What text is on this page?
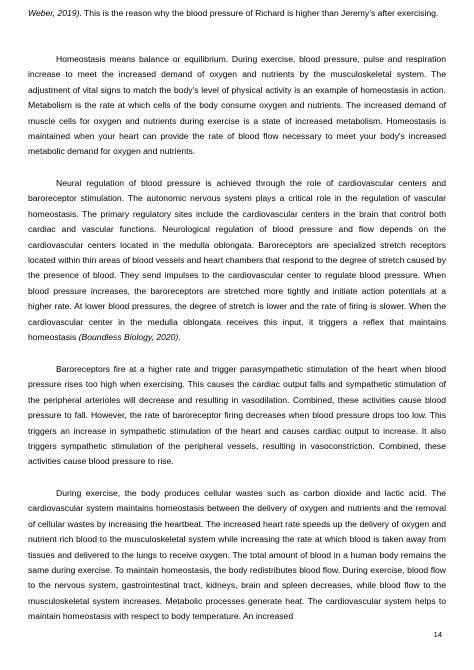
Weber, 2019). This is the reason why the blood pressure of Richard is higher than Jeremy’s after exercising.

Homeostasis means balance or equilibrium. During exercise, blood pressure, pulse and respiration increase to meet the increased demand of oxygen and nutrients by the musculoskeletal system. The adjustment of vital signs to match the body’s level of physical activity is an example of homeostasis in action. Metabolism is the rate at which cells of the body consume oxygen and nutrients. The increased demand of muscle cells for oxygen and nutrients during exercise is a state of increased metabolism. Homeostasis is maintained when your heart can provide the rate of blood flow necessary to meet your body's increased metabolic demand for oxygen and nutrients.

Neural regulation of blood pressure is achieved through the role of cardiovascular centers and baroreceptor stimulation. The autonomic nervous system plays a critical role in the regulation of vascular homeostasis. The primary regulatory sites include the cardiovascular centers in the brain that control both cardiac and vascular functions. Neurological regulation of blood pressure and flow depends on the cardiovascular centers located in the medulla oblongata. Baroreceptors are specialized stretch receptors located within thin areas of blood vessels and heart chambers that respond to the degree of stretch caused by the presence of blood. They send impulses to the cardiovascular center to regulate blood pressure. When blood pressure increases, the baroreceptors are stretched more tightly and initiate action potentials at a higher rate. At lower blood pressures, the degree of stretch is lower and the rate of firing is slower. When the cardiovascular center in the medulla oblongata receives this input, it triggers a reflex that maintains homeostasis (Boundless Biology, 2020).

Baroreceptors fire at a higher rate and trigger parasympathetic stimulation of the heart when blood pressure rises too high when exercising. This causes the cardiac output falls and sympathetic stimulation of the peripheral arterioles will decrease and resulting in vasodilation. Combined, these activities cause blood pressure to fall. However, the rate of baroreceptor firing decreases when blood pressure drops too low. This triggers an increase in sympathetic stimulation of the heart and causes cardiac output to increase. It also triggers sympathetic stimulation of the peripheral vessels, resulting in vasoconstriction. Combined, these activities cause blood pressure to rise.

During exercise, the body produces cellular wastes such as carbon dioxide and lactic acid. The cardiovascular system maintains homeostasis between the delivery of oxygen and nutrients and the removal of cellular wastes by increasing the heartbeat. The increased heart rate speeds up the delivery of oxygen and nutrient rich blood to the musculoskeletal system while increasing the rate at which blood is taken away from tissues and delivered to the lungs to receive oxygen. The total amount of blood in a human body remains the same during exercise. To maintain homeostasis, the body redistributes blood flow. During exercise, blood flow to the nervous system, gastrointestinal tract, kidneys, brain and spleen decreases, while blood flow to the musculoskeletal system increases. Metabolic processes generate heat. The cardiovascular system helps to maintain homeostasis with respect to body temperature. An increased

14
